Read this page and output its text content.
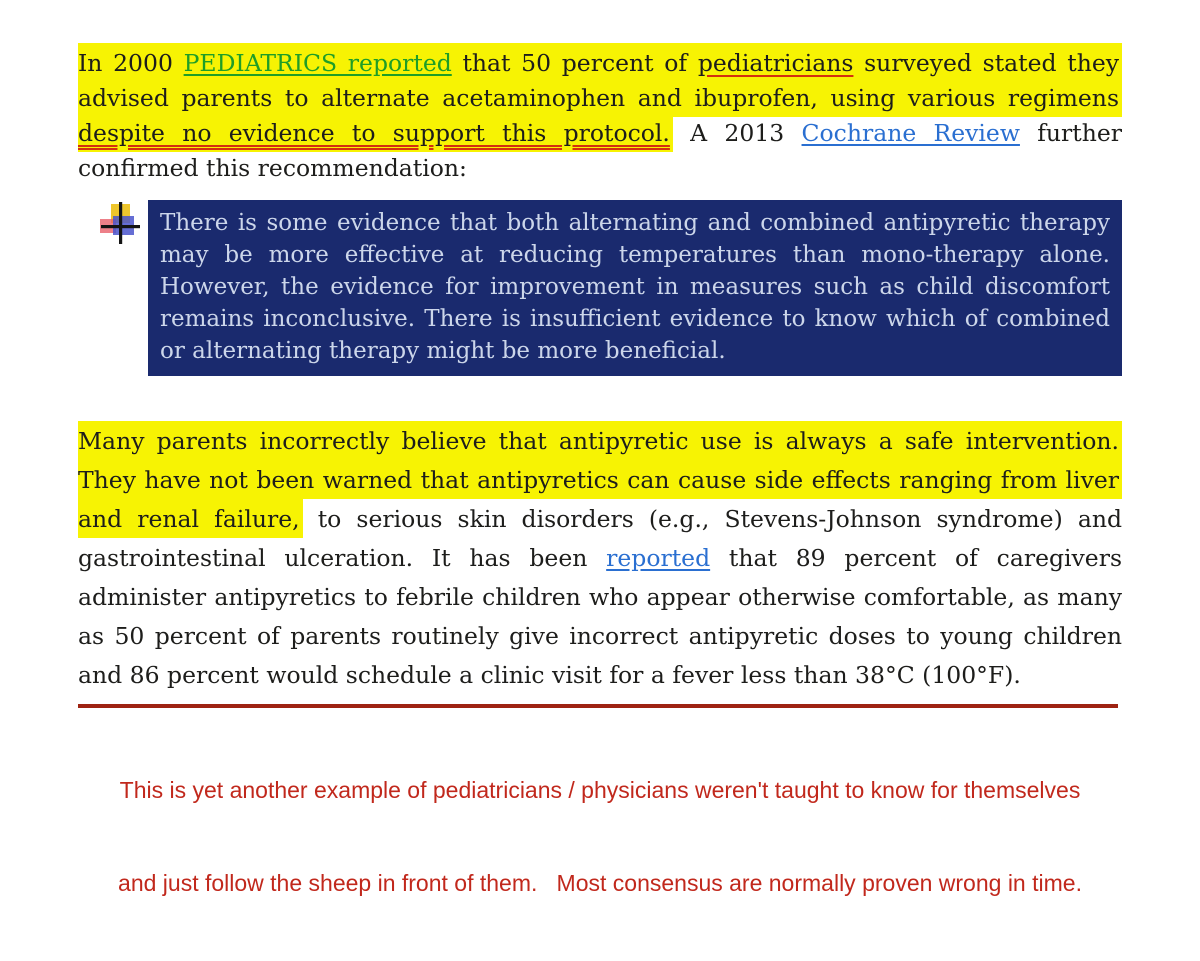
In 2000 PEDIATRICS reported that 50 percent of pediatricians surveyed stated they advised parents to alternate acetaminophen and ibuprofen, using various regimens despite no evidence to support this protocol. A 2013 Cochrane Review further confirmed this recommendation:

There is some evidence that both alternating and combined antipyretic therapy may be more effective at reducing temperatures than mono-therapy alone. However, the evidence for improvement in measures such as child discomfort remains inconclusive. There is insufficient evidence to know which of combined or alternating therapy might be more beneficial.

Many parents incorrectly believe that antipyretic use is always a safe intervention. They have not been warned that antipyretics can cause side effects ranging from liver and renal failure, to serious skin disorders (e.g., Stevens-Johnson syndrome) and gastrointestinal ulceration. It has been reported that 89 percent of caregivers administer antipyretics to febrile children who appear otherwise comfortable, as many as 50 percent of parents routinely give incorrect antipyretic doses to young children and 86 percent would schedule a clinic visit for a fever less than 38°C (100°F).

This is yet another example of pediatricians / physicians weren't taught to know for themselves

and just follow the sheep in front of them.   Most consensus are normally proven wrong in time.
